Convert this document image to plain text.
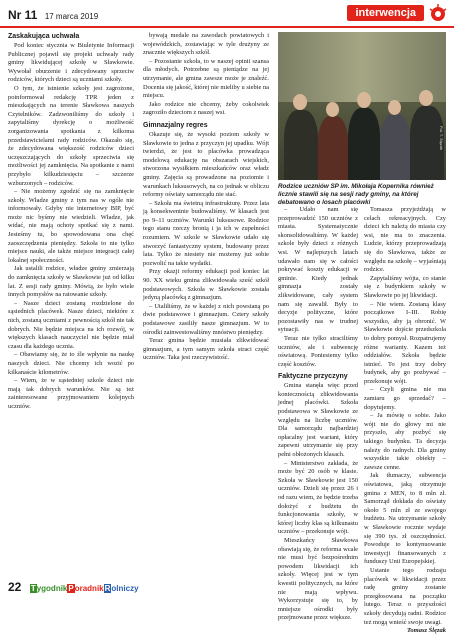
Nr 11 17 marca 2019	interwencja
Zaskakująca uchwała

Pod koniec stycznia w Biuletynie Informacji Publicznej pojawił się projekt uchwały rady gminy likwidującej szkołę w Sławkowie. Wywołał oburzenie i zdecydowany sprzeciw rodziców, których dzieci są uczniami szkoły.

O tym, że istnienie szkoły jest zagrożone, poinformował redakcję TPR jeden z mieszkających na terenie Sławkowa naszych Czytelników. Zadzwoniliśmy do szkoły i zapytaliśmy dyrekcję o możliwość zorganizowania spotkania z kilkoma przedstawicielami rady rodziców. Okazało się, że zdecydowana większość rodziców dzieci uczęszczających do szkoły sprzeciwia się możliwości jej zamknięcia. Na spotkanie z nami przybyło kilkudziesięciu – szczerze wzburzonych – rodziców.

– Nie możemy zgodzić się na zamknięcie szkoły. Władze gminy z tym nas w ogóle nie informowały. Gdyby nie internetowy BIP, być może nic byśmy nie wiedzieli. Władze, jak widać, nie mają ochoty spotkać się z nami. Jesteśmy tu, bo spowodowana ona chęć zaoszczędzenia pieniędzy. Szkoła to nie tylko miejsce nauki, ale także miejsce integracji całej lokalnej społeczności.

Jak ustalili rodzice, władze gminy zmierzają do zamknięcia szkoły w Sławkowie już od kilku lat. Z sesji rady gminy. Mówią, że było wiele innych pomysłów na ratowanie szkoły.

– Nasze dzieci zostaną rozdzielone do sąsiednich placówek. Nasze dzieci, niektóre z nich, zostaną uczniami z pewnością szkół nie tak dobrych. Nie będzie miejsca na ich rozwój, w większych klasach nauczyciel nie będzie miał czasu dla każdego ucznia.

– Obawiamy się, że to źle wpłynie na naukę naszych dzieci. Nie chcemy ich wozić po kilkanaście kilometrów.

– Wiem, że w sąsiedniej szkole dzieci nie mają tak dobrych warunków. Nie są też zainteresowane przyjmowaniem kolejnych uczniów.

bywają medale na zawodach powiatowych i wojewódzkich, zostawiając w tyle drużyny ze znacznie większych szkół.

– Pozostanie szkoła, to w naszej opinii szansa dla młodych. Potrzebne są pieniądze na jej utrzymanie, ale gmina zawsze może je znaleźć. Docenia się jakość, której nie mieliby u siebie na miejscu.

Jako rodzice nie chcemy, żeby cokolwiek zagroziło dzieciom z naszej wsi.

Gimnazjalny regres

Okazuje się, że wysoki poziom szkoły w Sławkowie to jedna z przyczyn jej upadku. Wójt twierdzi, że jest to placówka prowadząca modelową edukację na obszarach wiejskich, stworzona wysiłkiem mieszkańców oraz władz gminy. Zajęcia są prowadzone na poziomie i warunkach luksusowych, na co jednak w obliczu reformy oświaty samorządu nie stać.

– Szkoła ma świetną infrastrukturę. Przez lata ją konsekwentnie budowaliśmy. W klasach jest po 9–11 uczniów. Warunki luksusowe. Rodzice tego stanu rzeczy bronią i ja ich w zupełności rozumiem. W szkole w Sławkowie udało się stworzyć fantastyczny system, budowany przez lata. Tylko że niestety nie możemy już sobie pozwolić na takie wydatki.

Przy okazji reformy edukacji pod koniec lat 90. XX wieku gmina zlikwidowała sześć szkół podstawowych. Szkoła w Sławkowie została jedyną placówką z gimnazjum.

– Utaliliśmy, że w każdej z nich powstaną po dwie podstawowe i gimnazjum. Cztery szkoły podstawowe zasiliły nasze gimnazjum. W to ośrodki zainwestowaliśmy mnóstwo pieniędzy.

Teraz gmina będzie musiała zlikwidować gimnazjum, a tym samym szkoła straci część uczniów. Taka jest rzeczywistość.

Fot. T. Ślęzak
Rodzice uczniów SP im. Mikołaja Kopernika również licznie stawili się na sesji rady gminy, na której debatowano o losach placówki

– Udało nam się przeprowadzić 150 uczniów z miasta. Systematycznie skonsolidowaliśmy. W każdej szkole były dzieci z różnych wsi. W najlepszych latach udawało nam się w całości pokrywać koszty edukacji w gminie. Kiedy jednak gimnazja zostały zlikwidowane, cały system nam się zawalił. Były to decyzje polityczne, które pozostawiły nas w trudnej sytuacji.

Teraz nie tylko straciliśmy uczniów, ale i subwencję oświatową. Poniesiemy tylko część kosztów.

Faktyczne przyczyny

Gmina stanęła więc przed koniecznością zlikwidowania jednej placówki. Szkoła podstawowa w Sławkowie ze względu na liczbę uczniów. Dla samorządu najbardziej opłacalny jest wariant, który zapewni utrzymanie się przy pełni obłożonych klasach.

– Ministerstwo zakłada, że może być 20 osób w klasie. Szkoła w Sławkowie jest 150 uczniów. Dzieli się przez 26 i od razu wiem, że będzie trzeba dołożyć z budżetu do funkcjonowania szkoły, w której liczby klas są kilkunastu uczniów – przekonuje wójt.

Mieszkańcy Sławkowa obawiają się, że reforma wcale nie musi być bezpośrednim powodem likwidacji ich szkoły. Więcej jest w tym kwestii politycznych, na które nie mają wpływu. Wykorzystuje się to, by mniejsze ośrodki były przejmowane przez większe.

Tomasza przyjeżdżają w celach rekreacyjnych. Czy dzieci ich należą do miasta czy wsi, nie ma to znaczenia. Ludzie, którzy przeprowadzają się do Sławkowa, także ze względu na szkołę – wyjaśniają rodzice.

Zapytaliśmy wójta, co stanie się z budynkiem szkoły w Sławkowie po jej likwidacji.

– Nie wiem. Zostaną klasy początkowe I–III. Robię wszystko, aby ją obronić. W Sławkowie dojście przedszkola to dobry pomysł. Rozpatrujemy różne warianty. Kazem też oddziałów. Szkoła będzie istnieć. To jest trzy dobry budynek, aby go pozbywać – przekonuje wójt.

– Czyli gmina nie ma zamiaru go sprzedać? – dopytujemy.

– Ja mówię o sobie. Jako wójt nie do głowy mi nie przyszło, aby pozbyć się takiego budynku. Ta decyzja należy do radnych. Dla gminy wszystkie takie obiekty – zawsze cenne.

Jak tłumaczy, subwencja oświatowa, jaką otrzymuje gmina z MEN, to 8 mln zł. Samorząd dokłada do oświaty około 5 mln zł ze swojego budżetu. Na utrzymanie szkoły w Sławkowie rocznie wydaje się 390 tys. zł oszczędności. Powoduje to kontynuowanie inwestycji finansowanych z funduszy Unii Europejskiej.

Ustanie tego rodzaju placówek w likwidacji przez radę gminy zostanie przegłosowana na początku lutego. Teraz o przyszłości szkoły decydują radni. Rodzice też mogą wnieść swoje uwagi.

Tomasz Ślęzak
22 TygodnikPoradnikRolniczy
